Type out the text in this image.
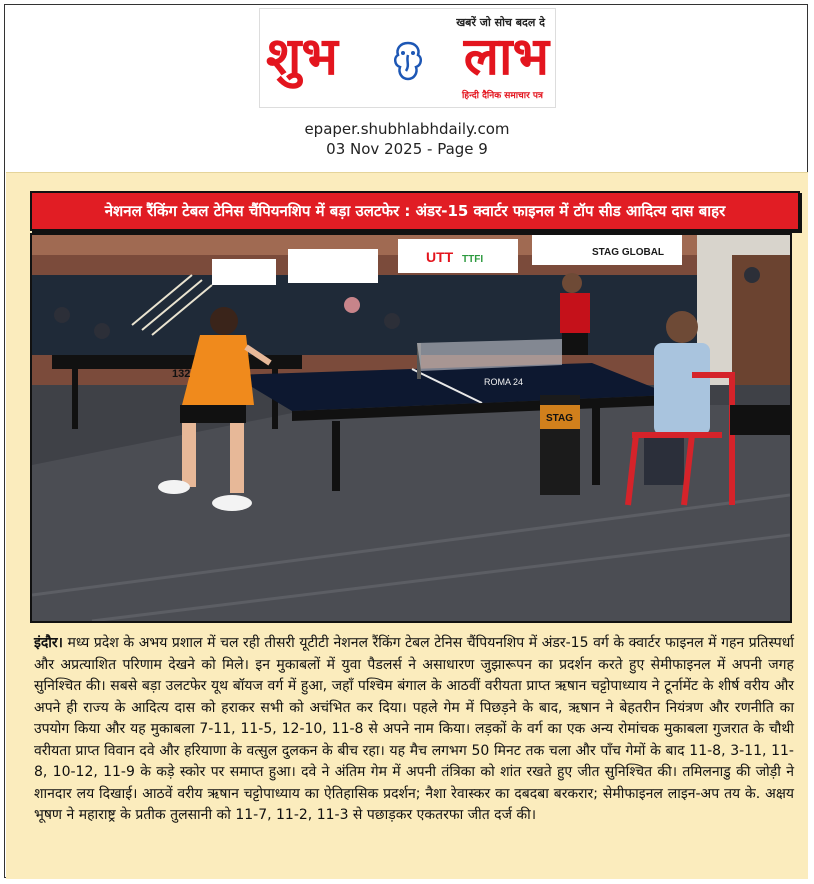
खबरें जो सोच बदल दे
शुभ लाभ
हिन्दी दैनिक समाचार पत्र
epaper.shubhlabhdaily.com
03 Nov 2025 - Page 9
नेशनल रैंकिंग टेबल टेनिस चैंपियनशिप में बड़ा उलटफेर : अंडर-15 क्वार्टर फाइनल में टॉप सीड आदित्य दास बाहर
UTT TTFI
STAG GLOBAL
ROMA 24
STAG
132

इंदौर। मध्य प्रदेश के अभय प्रशाल में चल रही तीसरी यूटीटी नेशनल रैंकिंग टेबल टेनिस चैंपियनशिप में अंडर-15 वर्ग के क्वार्टर फाइनल में गहन प्रतिस्पर्धा और अप्रत्याशित परिणाम देखने को मिले। इन मुकाबलों में युवा पैडलर्स ने असाधारण जुझारूपन का प्रदर्शन करते हुए सेमीफाइनल में अपनी जगह सुनिश्चित की। सबसे बड़ा उलटफेर यूथ बॉयज वर्ग में हुआ, जहाँ पश्चिम बंगाल के आठवीं वरीयता प्राप्त ऋषान चट्टोपाध्याय ने टूर्नामेंट के शीर्ष वरीय और अपने ही राज्य के आदित्य दास को हराकर सभी को अचंभित कर दिया। पहले गेम में पिछड़ने के बाद, ऋषान ने बेहतरीन नियंत्रण और रणनीति का उपयोग किया और यह मुकाबला 7-11, 11-5, 12-10, 11-8 से अपने नाम किया। लड़कों के वर्ग का एक अन्य रोमांचक मुकाबला गुजरात के चौथी वरीयता प्राप्त विवान दवे और हरियाणा के वत्सुल दुलकन के बीच रहा। यह मैच लगभग 50 मिनट तक चला और पाँच गेमों के बाद 11-8, 3-11, 11-8, 10-12, 11-9 के कड़े स्कोर पर समाप्त हुआ। दवे ने अंतिम गेम में अपनी तंत्रिका को शांत रखते हुए जीत सुनिश्चित की। तमिलनाडु की जोड़ी ने शानदार लय दिखाई। आठवें वरीय ऋषान चट्टोपाध्याय का ऐतिहासिक प्रदर्शन; नैशा रेवास्कर का दबदबा बरकरार; सेमीफाइनल लाइन-अप तय के. अक्षय भूषण ने महाराष्ट्र के प्रतीक तुलसानी को 11-7, 11-2, 11-3 से पछाड़कर एकतरफा जीत दर्ज की।
